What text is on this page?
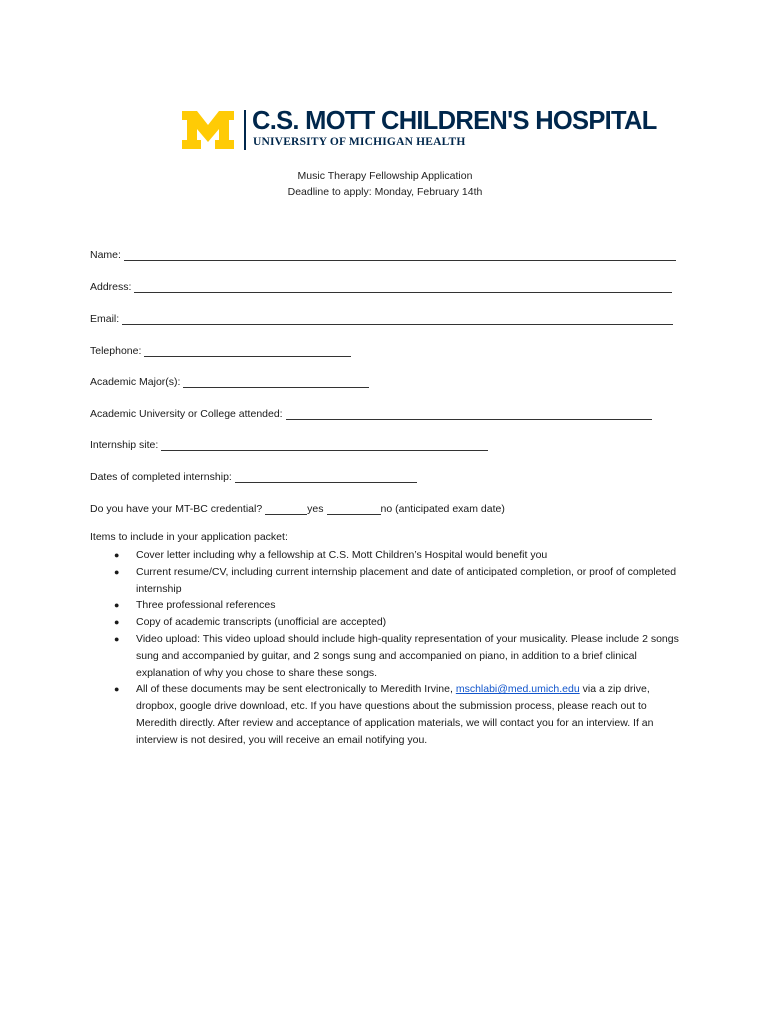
C.S. MOTT CHILDREN'S HOSPITAL
UNIVERSITY OF MICHIGAN HEALTH
Music Therapy Fellowship Application
Deadline to apply: Monday, February 14th
Name:
Address:
Email:
Telephone:
Academic Major(s):
Academic University or College attended:
Internship site:
Dates of completed internship:
Do you have your MT-BC credential?	yes	no (anticipated exam date)
Items to include in your application packet:
● Cover letter including why a fellowship at C.S. Mott Children’s Hospital would benefit you
● Current resume/CV, including current internship placement and date of anticipated completion, or proof of completed internship
● Three professional references
● Copy of academic transcripts (unofficial are accepted)
● Video upload: This video upload should include high-quality representation of your musicality. Please include 2 songs sung and accompanied by guitar, and 2 songs sung and accompanied on piano, in addition to a brief clinical explanation of why you chose to share these songs.
● All of these documents may be sent electronically to Meredith Irvine, mschlabi@med.umich.edu via a zip drive, dropbox, google drive download, etc. If you have questions about the submission process, please reach out to Meredith directly. After review and acceptance of application materials, we will contact you for an interview. If an interview is not desired, you will receive an email notifying you.
